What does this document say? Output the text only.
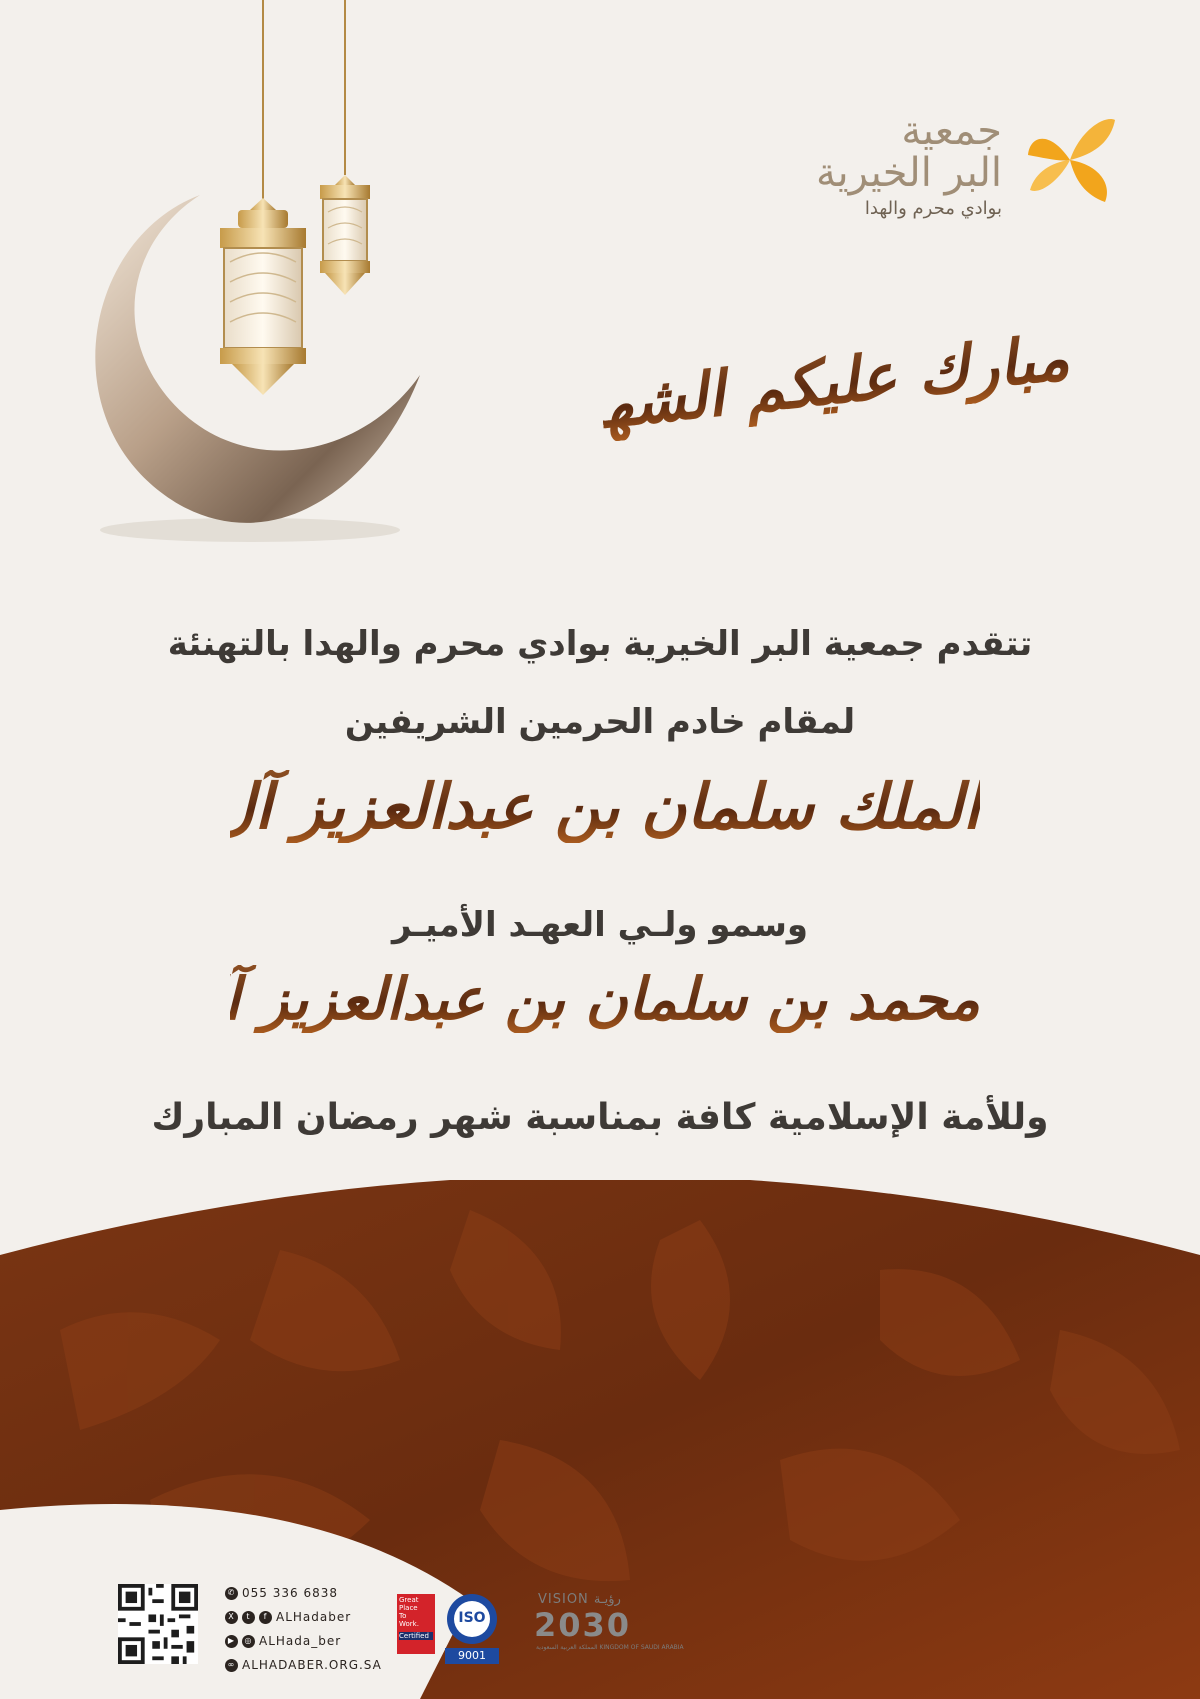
جمعية
البر الخيرية
بوادي محرم والهدا
مبارك عليكم الشهر
تتقدم جمعية البر الخيرية بوادي محرم والهدا بالتهنئة
لمقام خادم الحرمين الشريفين
الملك سلمان بن عبدالعزيز آل سعود
وسمو ولـي العهـد الأميـر
محمد بن سلمان بن عبدالعزيز آل سعود
وللأمة الإسلامية كافة بمناسبة شهر رمضان المبارك
✆ 055 336 6838
X	t	f ALHadaber
▶	◎ ALHada_ber
∞ ALHADABER.ORG.SA
Great
Place
To
Work.
Certified
ISO
9001
VISION رؤيـة
2030
المملكة العربية السعودية KINGDOM OF SAUDI ARABIA
